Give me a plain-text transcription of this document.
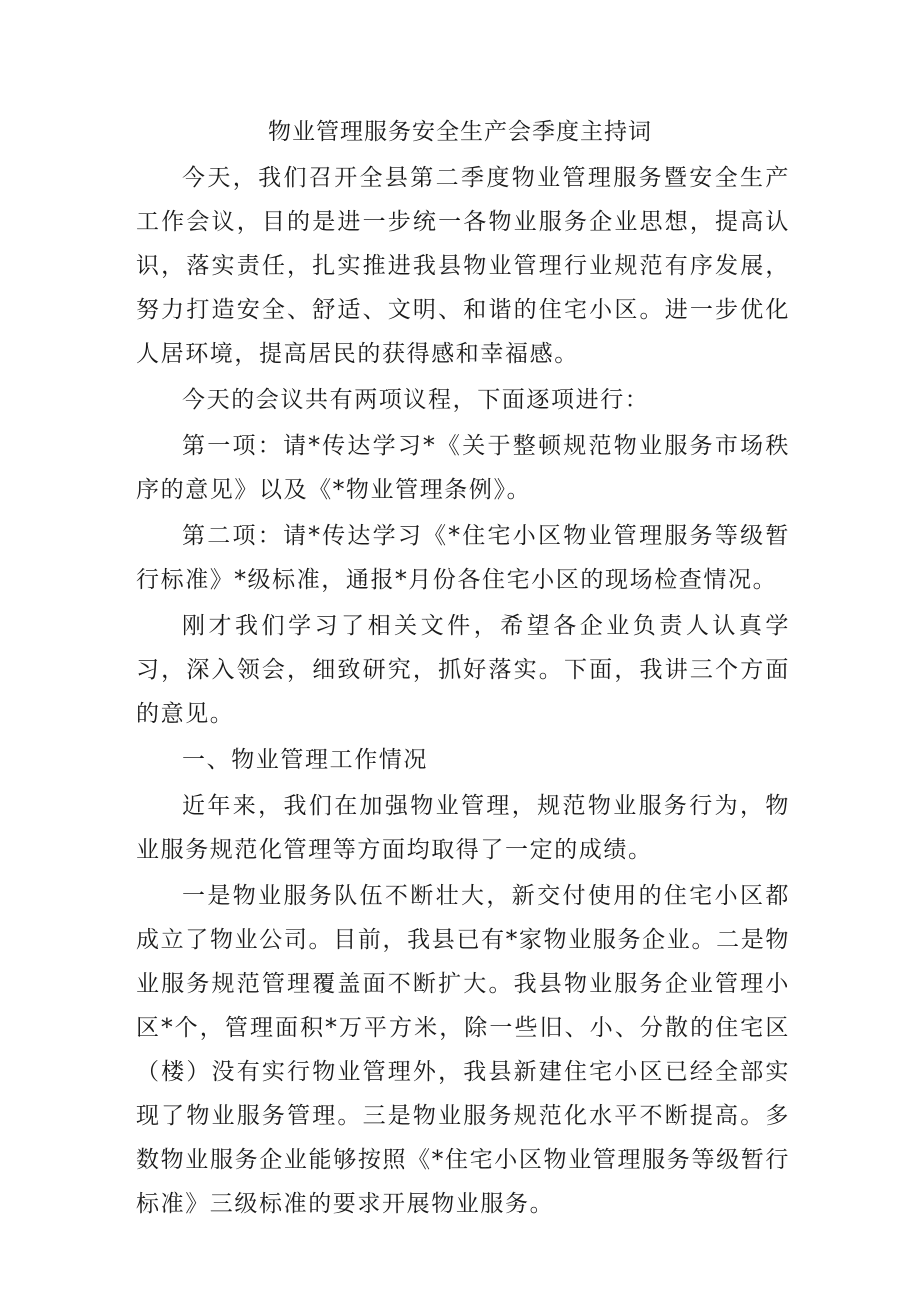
物业管理服务安全生产会季度主持词

今天，我们召开全县第二季度物业管理服务暨安全生产工作会议，目的是进一步统一各物业服务企业思想，提高认识，落实责任，扎实推进我县物业管理行业规范有序发展，努力打造安全、舒适、文明、和谐的住宅小区。进一步优化人居环境，提高居民的获得感和幸福感。

今天的会议共有两项议程，下面逐项进行：

第一项：请*传达学习*《关于整顿规范物业服务市场秩序的意见》以及《*物业管理条例》。

第二项：请*传达学习《*住宅小区物业管理服务等级暂行标准》*级标准，通报*月份各住宅小区的现场检查情况。

刚才我们学习了相关文件，希望各企业负责人认真学习，深入领会，细致研究，抓好落实。下面，我讲三个方面的意见。

一、物业管理工作情况

近年来，我们在加强物业管理，规范物业服务行为，物业服务规范化管理等方面均取得了一定的成绩。

一是物业服务队伍不断壮大，新交付使用的住宅小区都成立了物业公司。目前，我县已有*家物业服务企业。二是物业服务规范管理覆盖面不断扩大。我县物业服务企业管理小区*个，管理面积*万平方米，除一些旧、小、分散的住宅区（楼）没有实行物业管理外，我县新建住宅小区已经全部实现了物业服务管理。三是物业服务规范化水平不断提高。多数物业服务企业能够按照《*住宅小区物业管理服务等级暂行标准》三级标准的要求开展物业服务。
